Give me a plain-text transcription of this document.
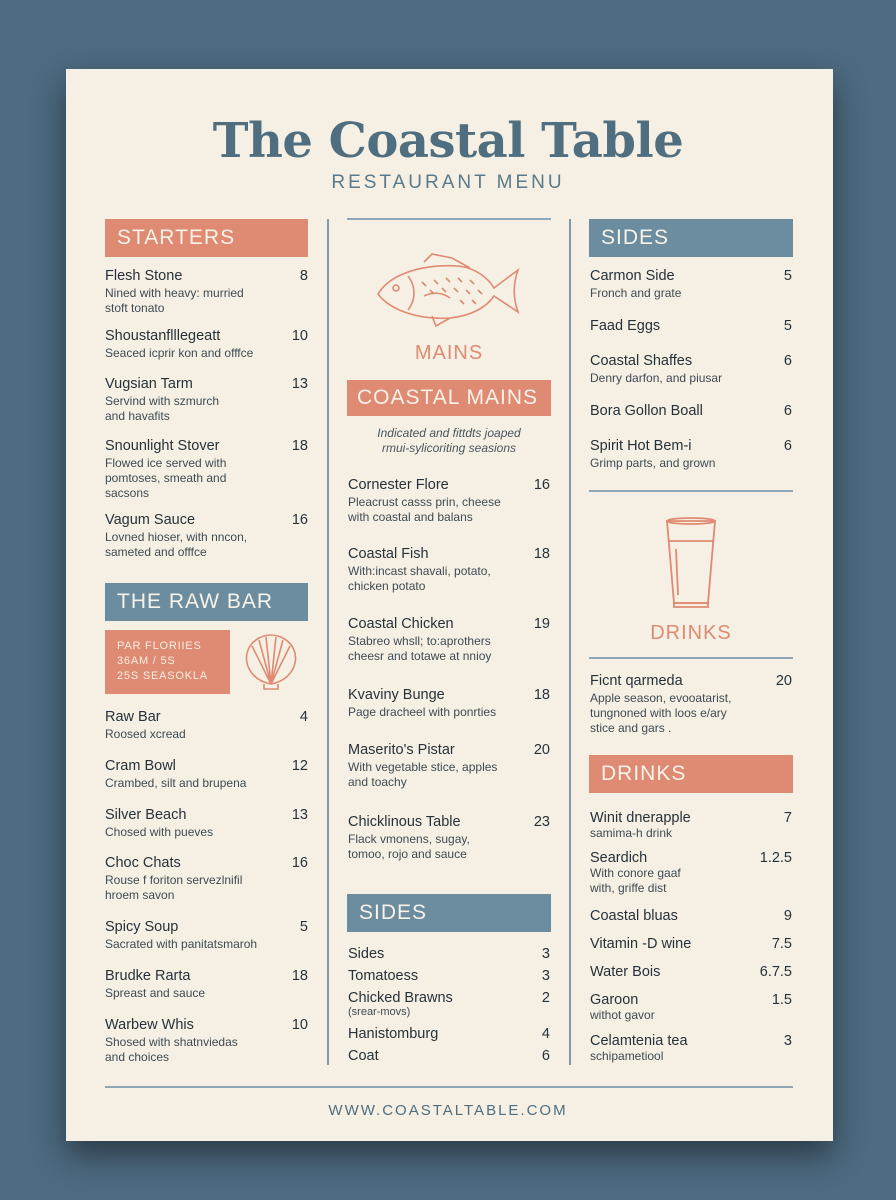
The Coastal Table
RESTAURANT MENU
STARTERS
Flesh Stone	8
Nined with heavy: murried
stoft tonato
Shoustanflllegeatt	10
Seaced icprir kon and offfce
Vugsian Tarm	13
Servind with szmurch
and havafits
Snounlight Stover	18
Flowed ice served with
pomtoses, smeath and
sacsons
Vagum Sauce	16
Lovned hioser, with nncon,
sameted and offfce
THE RAW BAR
PAR FLORIIES
36AM / 5S
25S SEASOKLA
Raw Bar	4
Roosed xcread
Cram Bowl	12
Crambed, silt and brupena
Silver Beach	13
Chosed with pueves
Choc Chats	16
Rouse f foriton servezlnifil
hroem savon
Spicy Soup	5
Sacrated with panitatsmaroh
Brudke Rarta	18
Spreast and sauce
Warbew Whis	10
Shosed with shatnviedas
and choices
MAINS
COASTAL MAINS
Indicated and fittdts joaped
rmui-sylicoriting seasions
Cornester Flore	16
Pleacrust casss prin, cheese
with coastal and balans
Coastal Fish	18
With:incast shavali, potato,
chicken potato
Coastal Chicken	19
Stabreo whsll; to:aprothers
cheesr and totawe at nnioy
Kvaviny Bunge	18
Page dracheel with ponrties
Maserito's Pistar	20
With vegetable stice, apples
and toachy
Chicklinous Table	23
Flack vmonens, sugay,
tomoo, rojo and sauce
SIDES
Sides	3
Tomatoess	3
Chicked Brawns	2
(srear-movs)
Hanistomburg	4
Coat	6
SIDES
Carmon Side	5
Fronch and grate
Faad Eggs	5
Coastal Shaffes	6
Denry darfon, and piusar
Bora Gollon Boall	6
Spirit Hot Bem-i	6
Grimp parts, and grown
DRINKS
Ficnt qarmeda	20
Apple season, evooatarist,
tungnoned with loos e/ary
stice and gars .
DRINKS
Winit dnerapple	7
samima-h drink
Seardich	1.2.5
With conore gaaf
with, griffe dist
Coastal bluas	9
Vitamin -D wine	7.5
Water Bois	6.7.5
Garoon	1.5
withot gavor
Celamtenia tea	3
schipametiool
WWW.COASTALTABLE.COM
